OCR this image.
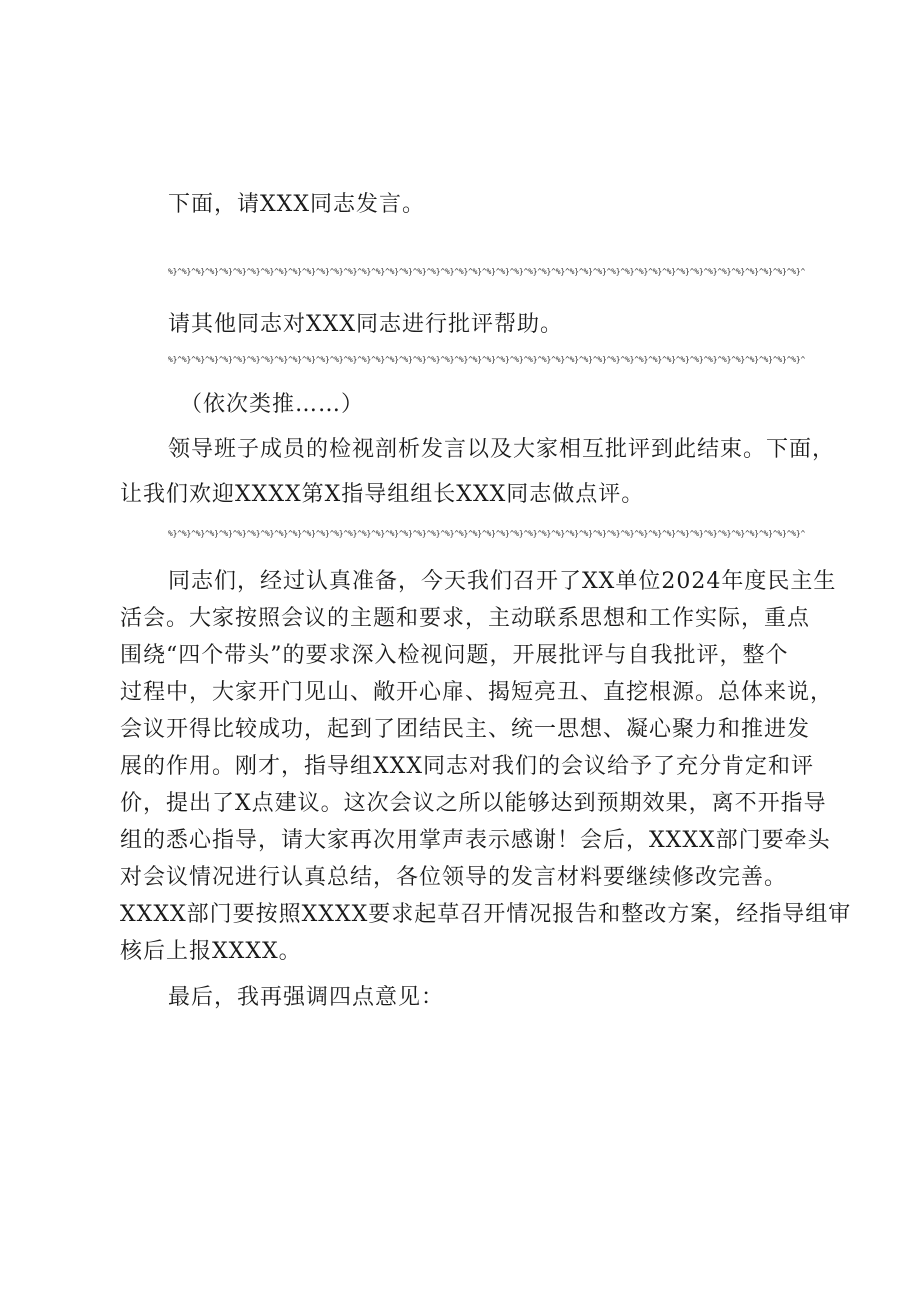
下面，请XXX同志发言。
%}^%}^%}^%}^%}^%}^%}^%}^%}^%}^%}^%}^%}^%}^%}^%}^%}^%}^%}^%}^%}^%}^%}^%}^%}^%}^%}^%}^%}^%}^%}^%}^%}^%}^%}^%}^%}^%}^%}^%}^%}^%}^%}^%}^%}^%}^
请其他同志对XXX同志进行批评帮助。
%}^%}^%}^%}^%}^%}^%}^%}^%}^%}^%}^%}^%}^%}^%}^%}^%}^%}^%}^%}^%}^%}^%}^%}^%}^%}^%}^%}^%}^%}^%}^%}^%}^%}^%}^%}^%}^%}^%}^%}^%}^%}^%}^%}^%}^%}^
（依次类推……）
领导班子成员的检视剖析发言以及大家相互批评到此结束。下面，
让我们欢迎XXXX第X指导组组长XXX同志做点评。
%}^%}^%}^%}^%}^%}^%}^%}^%}^%}^%}^%}^%}^%}^%}^%}^%}^%}^%}^%}^%}^%}^%}^%}^%}^%}^%}^%}^%}^%}^%}^%}^%}^%}^%}^%}^%}^%}^%}^%}^%}^%}^%}^%}^%}^%}^
同志们，经过认真准备，今天我们召开了XX单位2024年度民主生
活会。大家按照会议的主题和要求，主动联系思想和工作实际，重点
围绕“四个带头”的要求深入检视问题，开展批评与自我批评，整个
过程中，大家开门见山、敞开心扉、揭短亮丑、直挖根源。总体来说，
会议开得比较成功，起到了团结民主、统一思想、凝心聚力和推进发
展的作用。刚才，指导组XXX同志对我们的会议给予了充分肯定和评
价，提出了X点建议。这次会议之所以能够达到预期效果，离不开指导
组的悉心指导，请大家再次用掌声表示感谢！会后，XXXX部门要牵头
对会议情况进行认真总结，各位领导的发言材料要继续修改完善。
XXXX部门要按照XXXX要求起草召开情况报告和整改方案，经指导组审
核后上报XXXX。
最后，我再强调四点意见：
